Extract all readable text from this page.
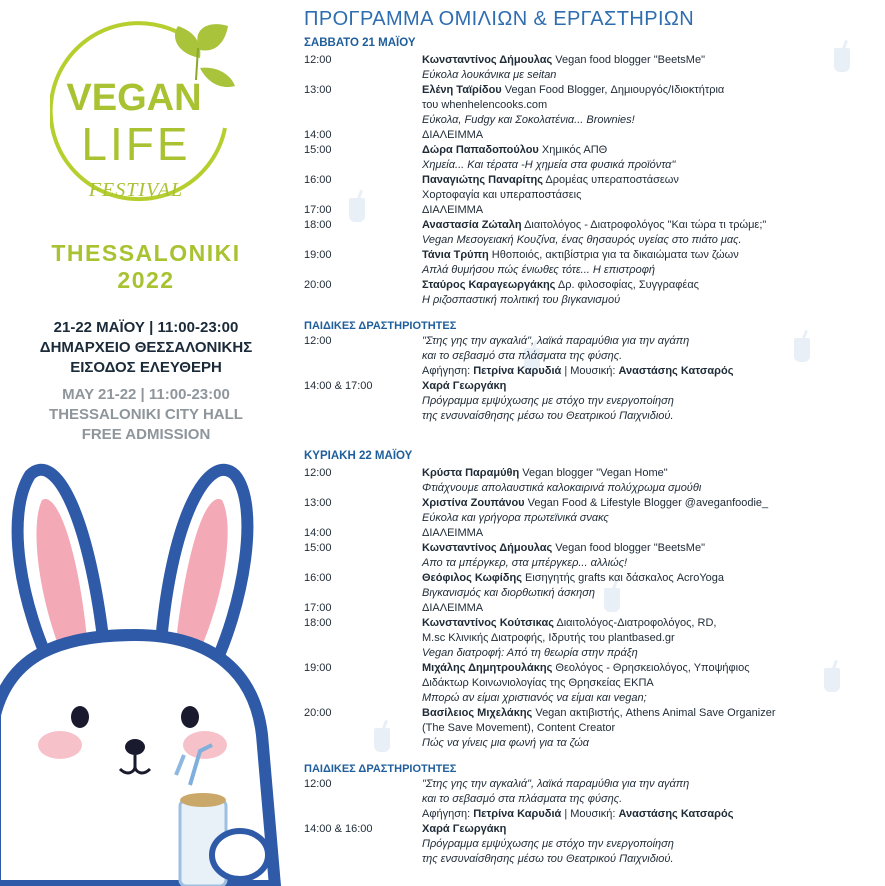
VEGAN
LIFE
FESTIVAL
THESSALONIKI
2022
21-22 ΜΑΪΟΥ | 11:00-23:00
ΔΗΜΑΡΧΕΙΟ ΘΕΣΣΑΛΟΝΙΚΗΣ
ΕΙΣΟΔΟΣ ΕΛΕΥΘΕΡΗ
MAY 21-22 | 11:00-23:00
THESSALONIKI CITY HALL
FREE ADMISSION
ΠΡΟΓΡΑΜΜΑ ΟΜΙΛΙΩΝ & ΕΡΓΑΣΤΗΡΙΩΝ
ΣΑΒΒΑΤΟ 21 ΜΑΪΟΥ
12:00	Κωνσταντίνος Δήμουλας Vegan food blogger "BeetsMe"
Εύκολα λουκάνικα με seitan
13:00	Ελένη Ταϊρίδου Vegan Food Blogger, Δημιουργός/Ιδιοκτήτρια
του whenhelencooks.com
Εύκολα, Fudgy και Σοκολατένια... Brownies!
14:00	ΔΙΑΛΕΙΜΜΑ
15:00	Δώρα Παπαδοπούλου Χημικός ΑΠΘ
Χημεία... Και τέρατα -Η χημεία στα φυσικά προϊόντα"
16:00	Παναγιώτης Παναρίτης Δρομέας υπεραποστάσεων
Χορτοφαγία και υπεραποστάσεις
17:00	ΔΙΑΛΕΙΜΜΑ
18:00	Αναστασία Ζώταλη Διαιτολόγος - Διατροφολόγος "Και τώρα τι τρώμε;"
Vegan Μεσογειακή Κουζίνα, ένας θησαυρός υγείας στο πιάτο μας.
19:00	Τάνια Τρύπη Ηθοποιός, ακτιβίστρια για τα δικαιώματα των ζώων
Απλά θυμήσου πώς ένιωθες τότε... Η επιστροφή
20:00	Σταύρος Καραγεωργάκης Δρ. φιλοσοφίας, Συγγραφέας
Η ριζοσπαστική πολιτική του βιγκανισμού
ΠΑΙΔΙΚΕΣ ΔΡΑΣΤΗΡΙΟΤΗΤΕΣ
12:00	"Στης γης την αγκαλιά", λαϊκά παραμύθια για την αγάπη
και το σεβασμό στα πλάσματα της φύσης.
Αφήγηση: Πετρίνα Καρυδιά | Μουσική: Αναστάσης Κατσαρός
14:00 & 17:00	Χαρά Γεωργάκη
Πρόγραμμα εμψύχωσης με στόχο την ενεργοποίηση
της ενσυναίσθησης μέσω του Θεατρικού Παιχνιδιού.
ΚΥΡΙΑΚΗ 22 ΜΑΪΟΥ
12:00	Κρύστα Παραμύθη Vegan blogger "Vegan Home"
Φτιάχνουμε απολαυστικά καλοκαιρινά πολύχρωμα σμούθι
13:00	Χριστίνα Ζουπάνου Vegan Food & Lifestyle Blogger @aveganfoodie_
Εύκολα και γρήγορα πρωτεϊνικά σνακς
14:00	ΔΙΑΛΕΙΜΜΑ
15:00	Κωνσταντίνος Δήμουλας Vegan food blogger "BeetsMe"
Απο τα μπέργκερ, στα μπέργκερ... αλλιώς!
16:00	Θεόφιλος Κωφίδης Εισηγητής grafts και δάσκαλος AcroYoga
Βιγκανισμός και διορθωτική άσκηση
17:00	ΔΙΑΛΕΙΜΜΑ
18:00	Κωνσταντίνος Κούτσικας Διαιτολόγος-Διατροφολόγος, RD,
M.sc Κλινικής Διατροφής, Ιδρυτής του plantbased.gr
Vegan διατροφή: Από τη θεωρία στην πράξη
19:00	Μιχάλης Δημητρουλάκης Θεολόγος - Θρησκειολόγος, Υποψήφιος
Διδάκτωρ Κοινωνιολογίας της Θρησκείας ΕΚΠΑ
Μπορώ αν είμαι χριστιανός να είμαι και vegan;
20:00	Βασίλειος Μιχελάκης Vegan ακτιβιστής, Athens Animal Save Organizer
(The Save Movement), Content Creator
Πώς να γίνεις μια φωνή για τα ζώα
ΠΑΙΔΙΚΕΣ ΔΡΑΣΤΗΡΙΟΤΗΤΕΣ
12:00	"Στης γης την αγκαλιά", λαϊκά παραμύθια για την αγάπη
και το σεβασμό στα πλάσματα της φύσης.
Αφήγηση: Πετρίνα Καρυδιά | Μουσική: Αναστάσης Κατσαρός
14:00 & 16:00	Χαρά Γεωργάκη
Πρόγραμμα εμψύχωσης με στόχο την ενεργοποίηση
της ενσυναίσθησης μέσω του Θεατρικού Παιχνιδιού.
